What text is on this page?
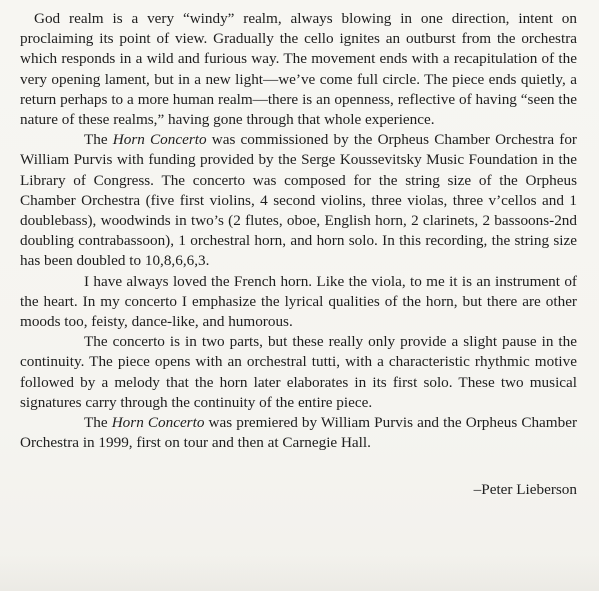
God realm is a very “windy” realm, always blowing in one direction, intent on proclaiming its point of view. Gradually the cello ignites an outburst from the orchestra which responds in a wild and furious way. The movement ends with a recapitulation of the very opening lament, but in a new light—we’ve come full circle. The piece ends quietly, a return perhaps to a more human realm—there is an openness, reflective of having “seen the nature of these realms,” having gone through that whole experience.

The Horn Concerto was commissioned by the Orpheus Chamber Orchestra for William Purvis with funding provided by the Serge Koussevitsky Music Foundation in the Library of Congress. The concerto was composed for the string size of the Orpheus Chamber Orchestra (five first violins, 4 second violins, three violas, three v’cellos and 1 doublebass), woodwinds in two’s (2 flutes, oboe, English horn, 2 clarinets, 2 bassoons-2nd doubling contrabassoon), 1 orchestral horn, and horn solo. In this recording, the string size has been doubled to 10,8,6,6,3.

I have always loved the French horn. Like the viola, to me it is an instrument of the heart. In my concerto I emphasize the lyrical qualities of the horn, but there are other moods too, feisty, dance-like, and humorous.

The concerto is in two parts, but these really only provide a slight pause in the continuity. The piece opens with an orchestral tutti, with a characteristic rhythmic motive followed by a melody that the horn later elaborates in its first solo. These two musical signatures carry through the continuity of the entire piece.

The Horn Concerto was premiered by William Purvis and the Orpheus Chamber Orchestra in 1999, first on tour and then at Carnegie Hall.

–Peter Lieberson
